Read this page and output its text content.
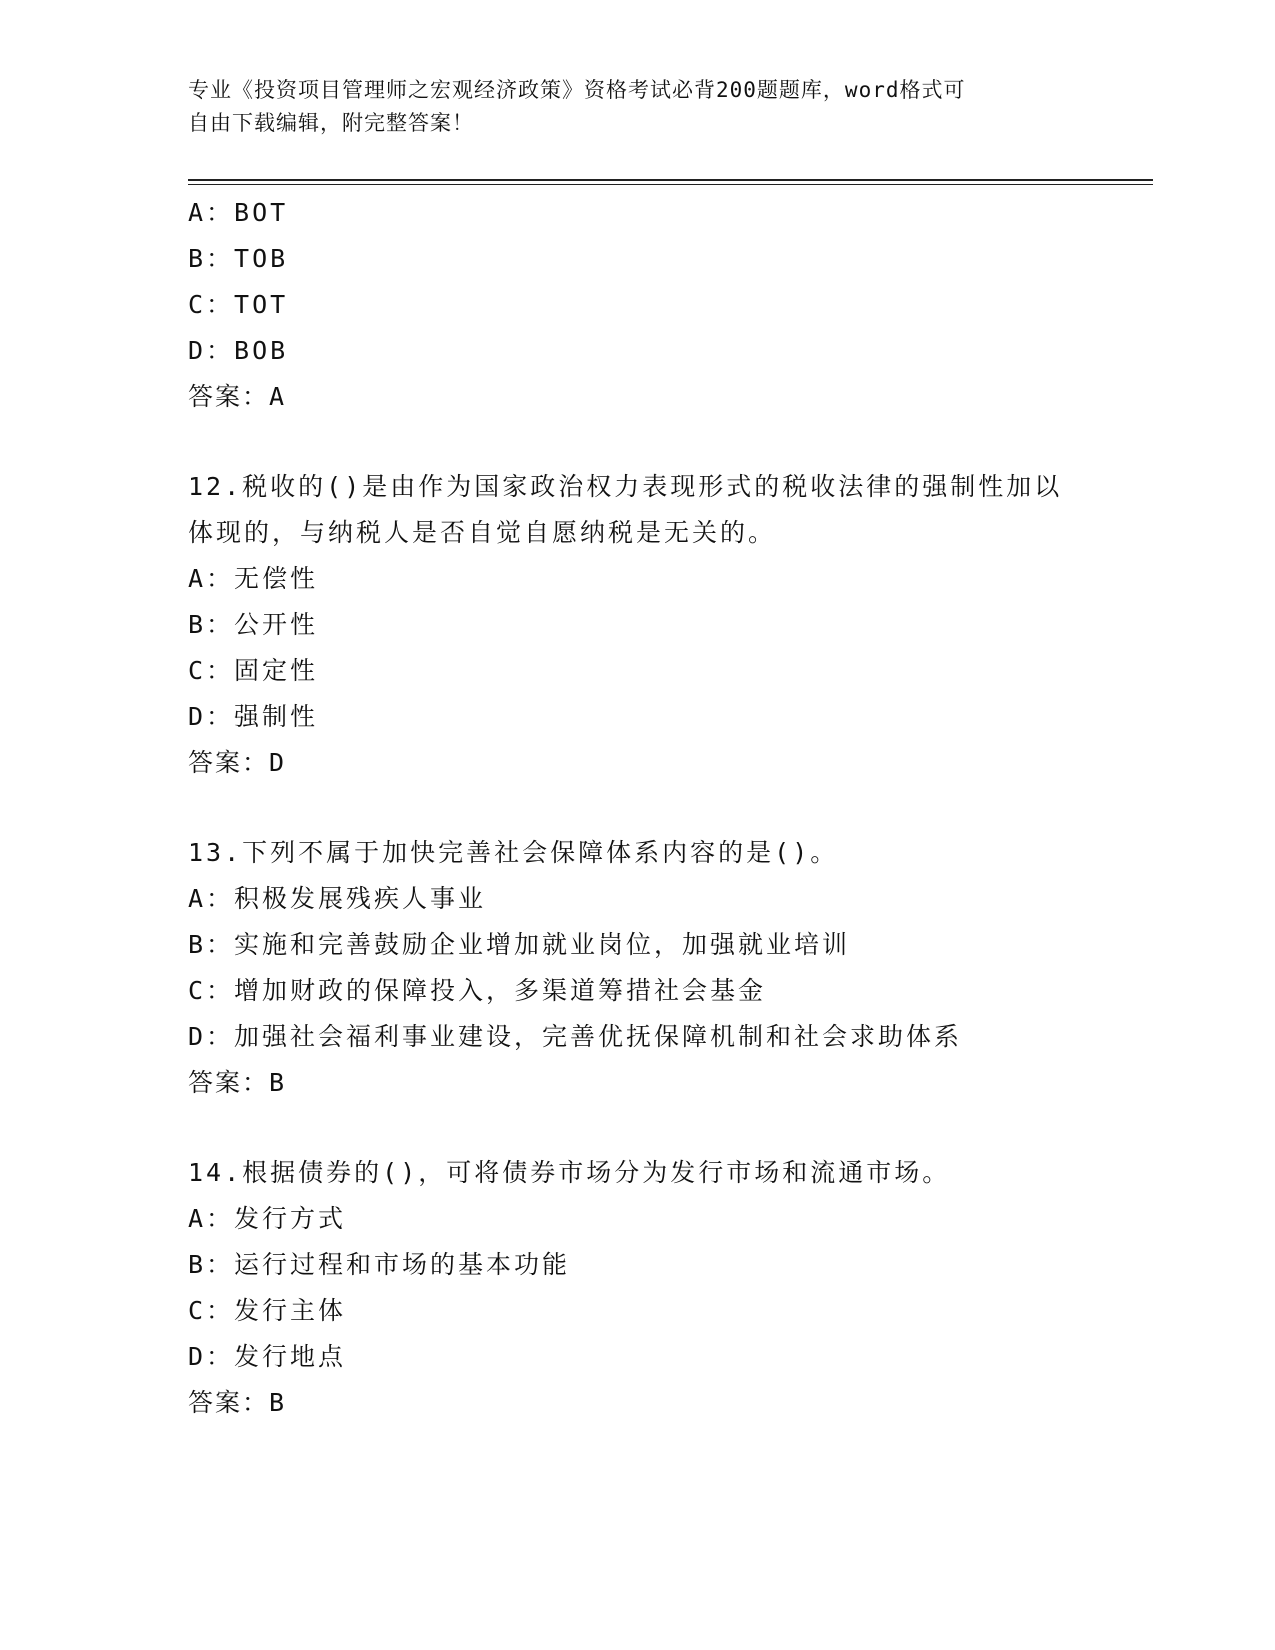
专业《投资项目管理师之宏观经济政策》资格考试必背200题题库，word格式可
自由下载编辑，附完整答案！

A：BOT

B：TOB

C：TOT

D：BOB

答案：A

12.税收的()是由作为国家政治权力表现形式的税收法律的强制性加以

体现的，与纳税人是否自觉自愿纳税是无关的。

A：无偿性

B：公开性

C：固定性

D：强制性

答案：D

13.下列不属于加快完善社会保障体系内容的是()。

A：积极发展残疾人事业

B：实施和完善鼓励企业增加就业岗位，加强就业培训

C：增加财政的保障投入，多渠道筹措社会基金

D：加强社会福利事业建设，完善优抚保障机制和社会求助体系

答案：B

14.根据债券的()，可将债券市场分为发行市场和流通市场。

A：发行方式

B：运行过程和市场的基本功能

C：发行主体

D：发行地点

答案：B
